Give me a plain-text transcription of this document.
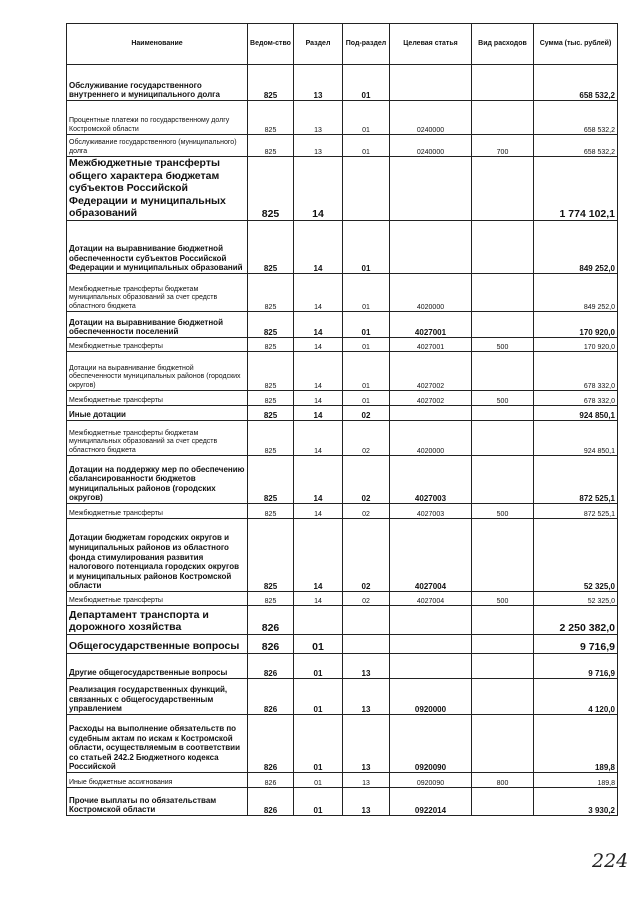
Наименование	Ведом-ство	Раздел	Под-раздел	Целевая статья	Вид расходов	Сумма (тыс. рублей)
Обслуживание государственного внутреннего и муниципального долга	825	13	01			658 532,2
Процентные платежи по государственному долгу Костромской области	825	13	01	0240000		658 532,2
Обслуживание государственного (муниципального) долга	825	13	01	0240000	700	658 532,2
Межбюджетные трансферты общего характера бюджетам субъектов Российской Федерации и муниципальных образований	825	14				1 774 102,1
Дотации на выравнивание бюджетной обеспеченности субъектов Российской Федерации и муниципальных образований	825	14	01			849 252,0
Межбюджетные трансферты бюджетам муниципальных образований за счет средств областного бюджета	825	14	01	4020000		849 252,0
Дотации на выравнивание бюджетной обеспеченности поселений	825	14	01	4027001		170 920,0
Межбюджетные трансферты	825	14	01	4027001	500	170 920,0
Дотации на выравнивание бюджетной обеспеченности муниципальных районов (городских округов)	825	14	01	4027002		678 332,0
Межбюджетные трансферты	825	14	01	4027002	500	678 332,0
Иные дотации	825	14	02			924 850,1
Межбюджетные трансферты бюджетам муниципальных образований за счет средств областного бюджета	825	14	02	4020000		924 850,1
Дотации на поддержку мер по обеспечению сбалансированности бюджетов муниципальных районов (городских округов)	825	14	02	4027003		872 525,1
Межбюджетные трансферты	825	14	02	4027003	500	872 525,1
Дотации бюджетам городских округов и муниципальных районов из областного фонда стимулирования развития налогового потенциала городских округов и муниципальных районов Костромской области	825	14	02	4027004		52 325,0
Межбюджетные трансферты	825	14	02	4027004	500	52 325,0
Департамент транспорта и дорожного хозяйства	826					2 250 382,0
Общегосударственные вопросы	826	01				9 716,9
Другие общегосударственные вопросы	826	01	13			9 716,9
Реализация государственных функций, связанных с общегосударственным управлением	826	01	13	0920000		4 120,0
Расходы на выполнение обязательств по судебным актам по искам к Костромской области, осуществляемым в соответствии со статьей 242.2 Бюджетного кодекса Российской	826	01	13	0920090		189,8
Иные бюджетные ассигнования	826	01	13	0920090	800	189,8
Прочие выплаты по обязательствам Костромской области	826	01	13	0922014		3 930,2
224
